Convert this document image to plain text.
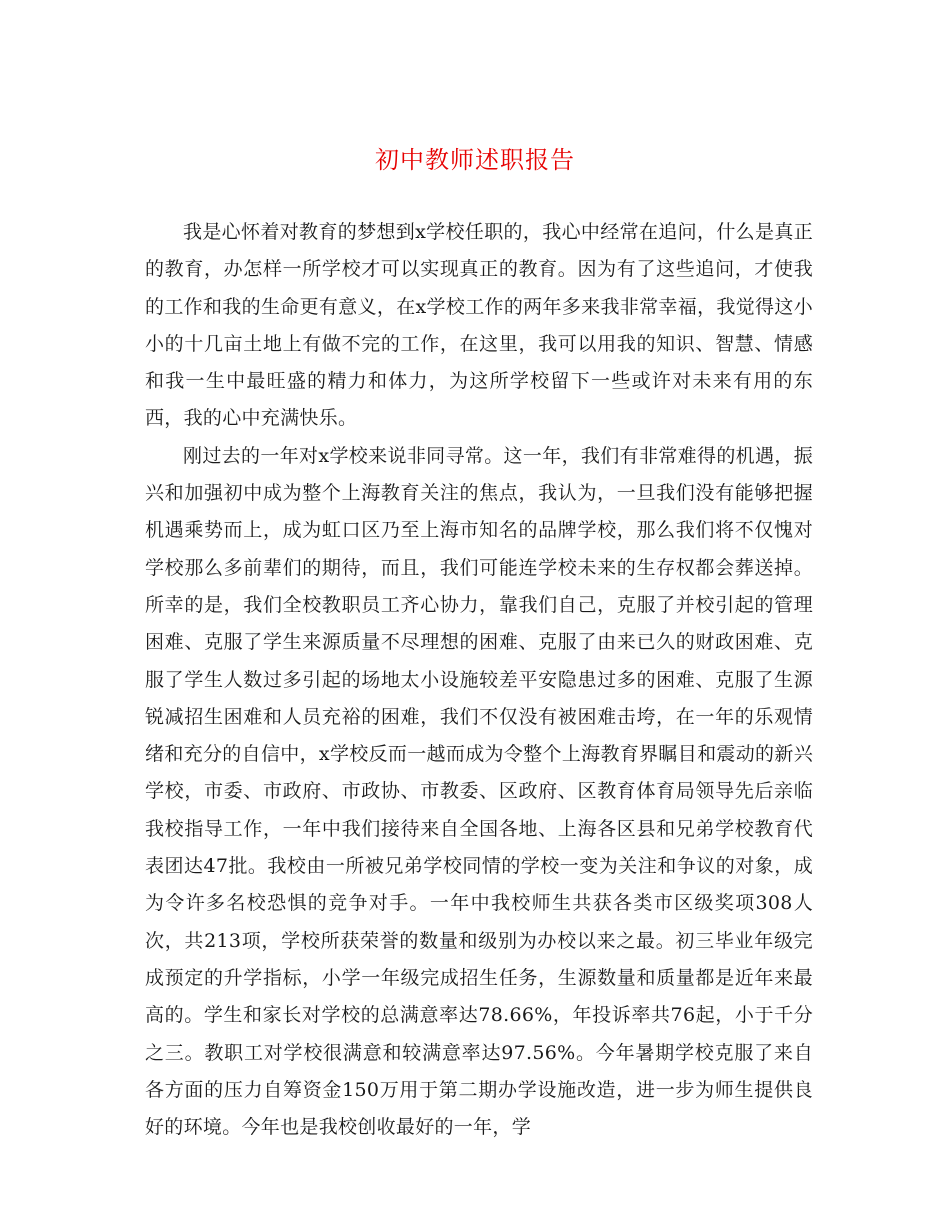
初中教师述职报告

我是心怀着对教育的梦想到x学校任职的，我心中经常在追问，什么是真正的教育，办怎样一所学校才可以实现真正的教育。因为有了这些追问，才使我的工作和我的生命更有意义，在x学校工作的两年多来我非常幸福，我觉得这小小的十几亩土地上有做不完的工作，在这里，我可以用我的知识、智慧、情感和我一生中最旺盛的精力和体力，为这所学校留下一些或许对未来有用的东西，我的心中充满快乐。

刚过去的一年对x学校来说非同寻常。这一年，我们有非常难得的机遇，振兴和加强初中成为整个上海教育关注的焦点，我认为，一旦我们没有能够把握机遇乘势而上，成为虹口区乃至上海市知名的品牌学校，那么我们将不仅愧对学校那么多前辈们的期待，而且，我们可能连学校未来的生存权都会葬送掉。所幸的是，我们全校教职员工齐心协力，靠我们自己，克服了并校引起的管理困难、克服了学生来源质量不尽理想的困难、克服了由来已久的财政困难、克服了学生人数过多引起的场地太小设施较差平安隐患过多的困难、克服了生源锐减招生困难和人员充裕的困难，我们不仅没有被困难击垮，在一年的乐观情绪和充分的自信中，x学校反而一越而成为令整个上海教育界瞩目和震动的新兴学校，市委、市政府、市政协、市教委、区政府、区教育体育局领导先后亲临我校指导工作，一年中我们接待来自全国各地、上海各区县和兄弟学校教育代表团达47批。我校由一所被兄弟学校同情的学校一变为关注和争议的对象，成为令许多名校恐惧的竞争对手。一年中我校师生共获各类市区级奖项308人次，共213项，学校所获荣誉的数量和级别为办校以来之最。初三毕业年级完成预定的升学指标，小学一年级完成招生任务，生源数量和质量都是近年来最高的。学生和家长对学校的总满意率达78.66%，年投诉率共76起，小于千分之三。教职工对学校很满意和较满意率达97.56%。今年暑期学校克服了来自各方面的压力自筹资金150万用于第二期办学设施改造，进一步为师生提供良好的环境。今年也是我校创收最好的一年，学
